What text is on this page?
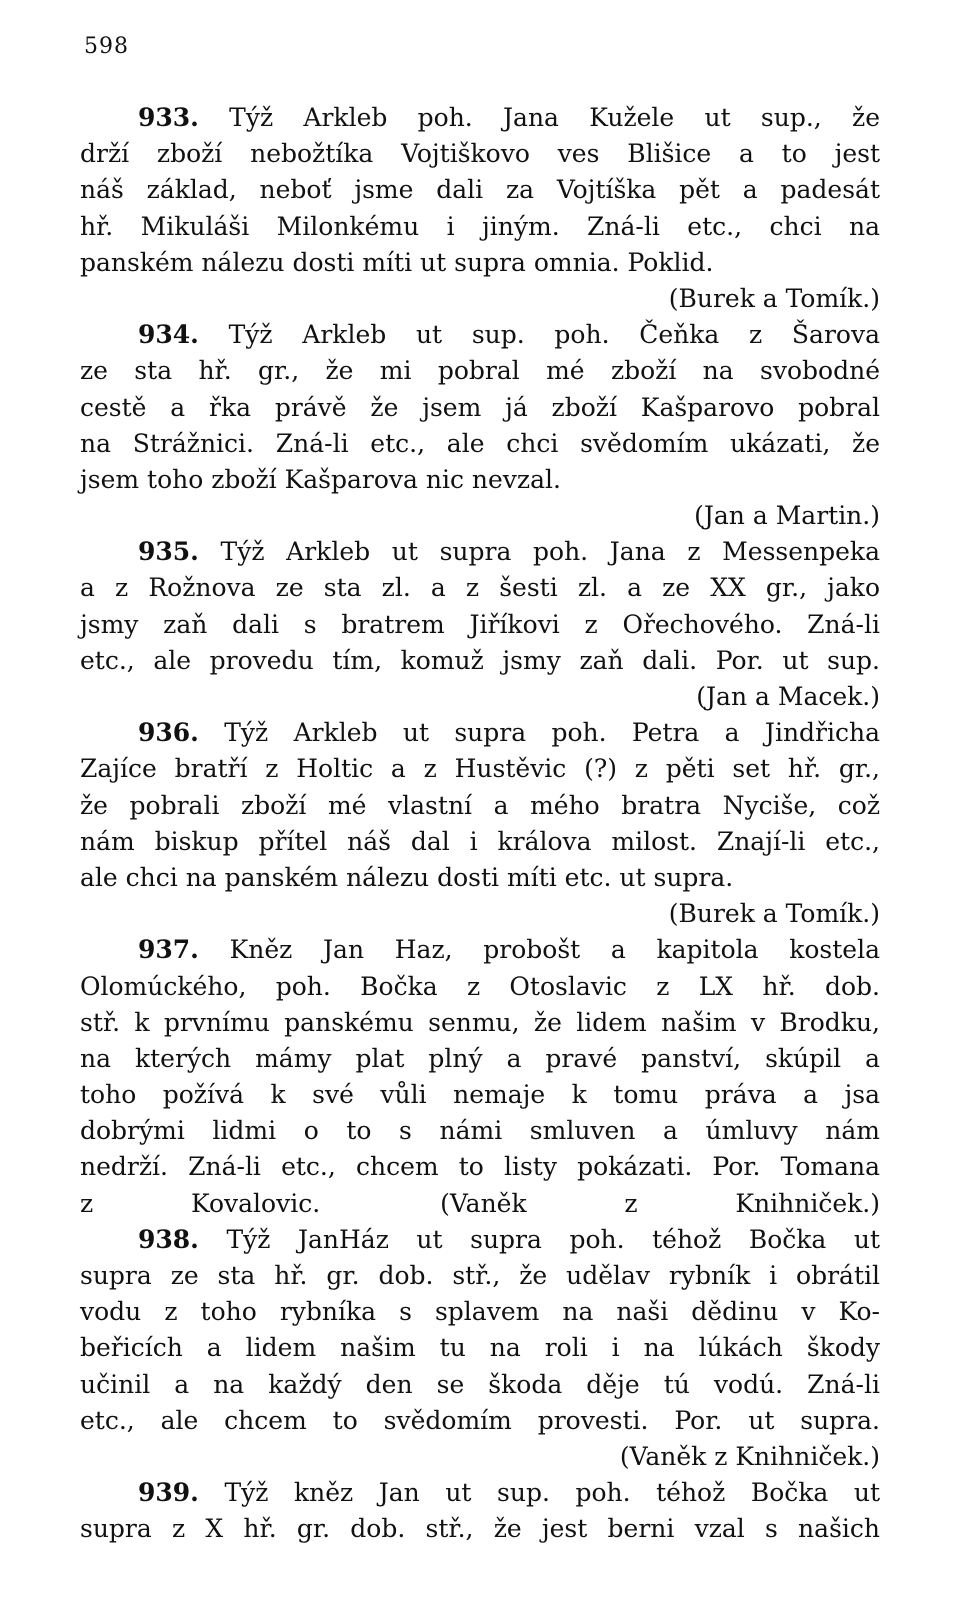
598
933. Týž Arkleb poh. Jana Kužele ut sup., že
drží zboží nebožtíka Vojtiškovo ves Blišice a to jest
náš základ, neboť jsme dali za Vojtíška pět a padesát
hř. Mikuláši Milonkému i jiným. Zná-li etc., chci na
panském nálezu dosti míti ut supra omnia. Poklid.
(Burek a Tomík.)
934. Týž Arkleb ut sup. poh. Čeňka z Šarova
ze sta hř. gr., že mi pobral mé zboží na svobodné
cestě a řka právě že jsem já zboží Kašparovo pobral
na Strážnici. Zná-li etc., ale chci svědomím ukázati, že
jsem toho zboží Kašparova nic nevzal.
(Jan a Martin.)
935. Týž Arkleb ut supra poh. Jana z Messenpeka
a z Rožnova ze sta zl. a z šesti zl. a ze XX gr., jako
jsmy zaň dali s bratrem Jiříkovi z Ořechového. Zná-li
etc., ale provedu tím, komuž jsmy zaň dali. Por. ut sup.
(Jan a Macek.)
936. Týž Arkleb ut supra poh. Petra a Jindřicha
Zajíce bratří z Holtic a z Hustěvic (?) z pěti set hř. gr.,
že pobrali zboží mé vlastní a mého bratra Nyciše, což
nám biskup přítel náš dal i králova milost. Znají-li etc.,
ale chci na panském nálezu dosti míti etc. ut supra.
(Burek a Tomík.)
937. Kněz Jan Haz, probošt a kapitola kostela
Olomúckého, poh. Bočka z Otoslavic z LX hř. dob.
stř. k prvnímu panskému senmu, že lidem našim v Brodku,
na kterých mámy plat plný a pravé panství, skúpil a
toho požívá k své vůli nemaje k tomu práva a jsa
dobrými lidmi o to s námi smluven a úmluvy nám
nedrží. Zná-li etc., chcem to listy pokázati. Por. Tomana
z Kovalovic.	(Vaněk z Knihniček.)
938. Týž JanHáz ut supra poh. téhož Bočka ut
supra ze sta hř. gr. dob. stř., že udělav rybník i obrátil
vodu z toho rybníka s splavem na naši dědinu v Ko-
beřicích a lidem našim tu na roli i na lúkách škody
učinil a na každý den se škoda děje tú vodú. Zná-li
etc., ale chcem to svědomím provesti. Por. ut supra.
(Vaněk z Knihniček.)
939. Týž kněz Jan ut sup. poh. téhož Bočka ut
supra z X hř. gr. dob. stř., že jest berni vzal s našich
